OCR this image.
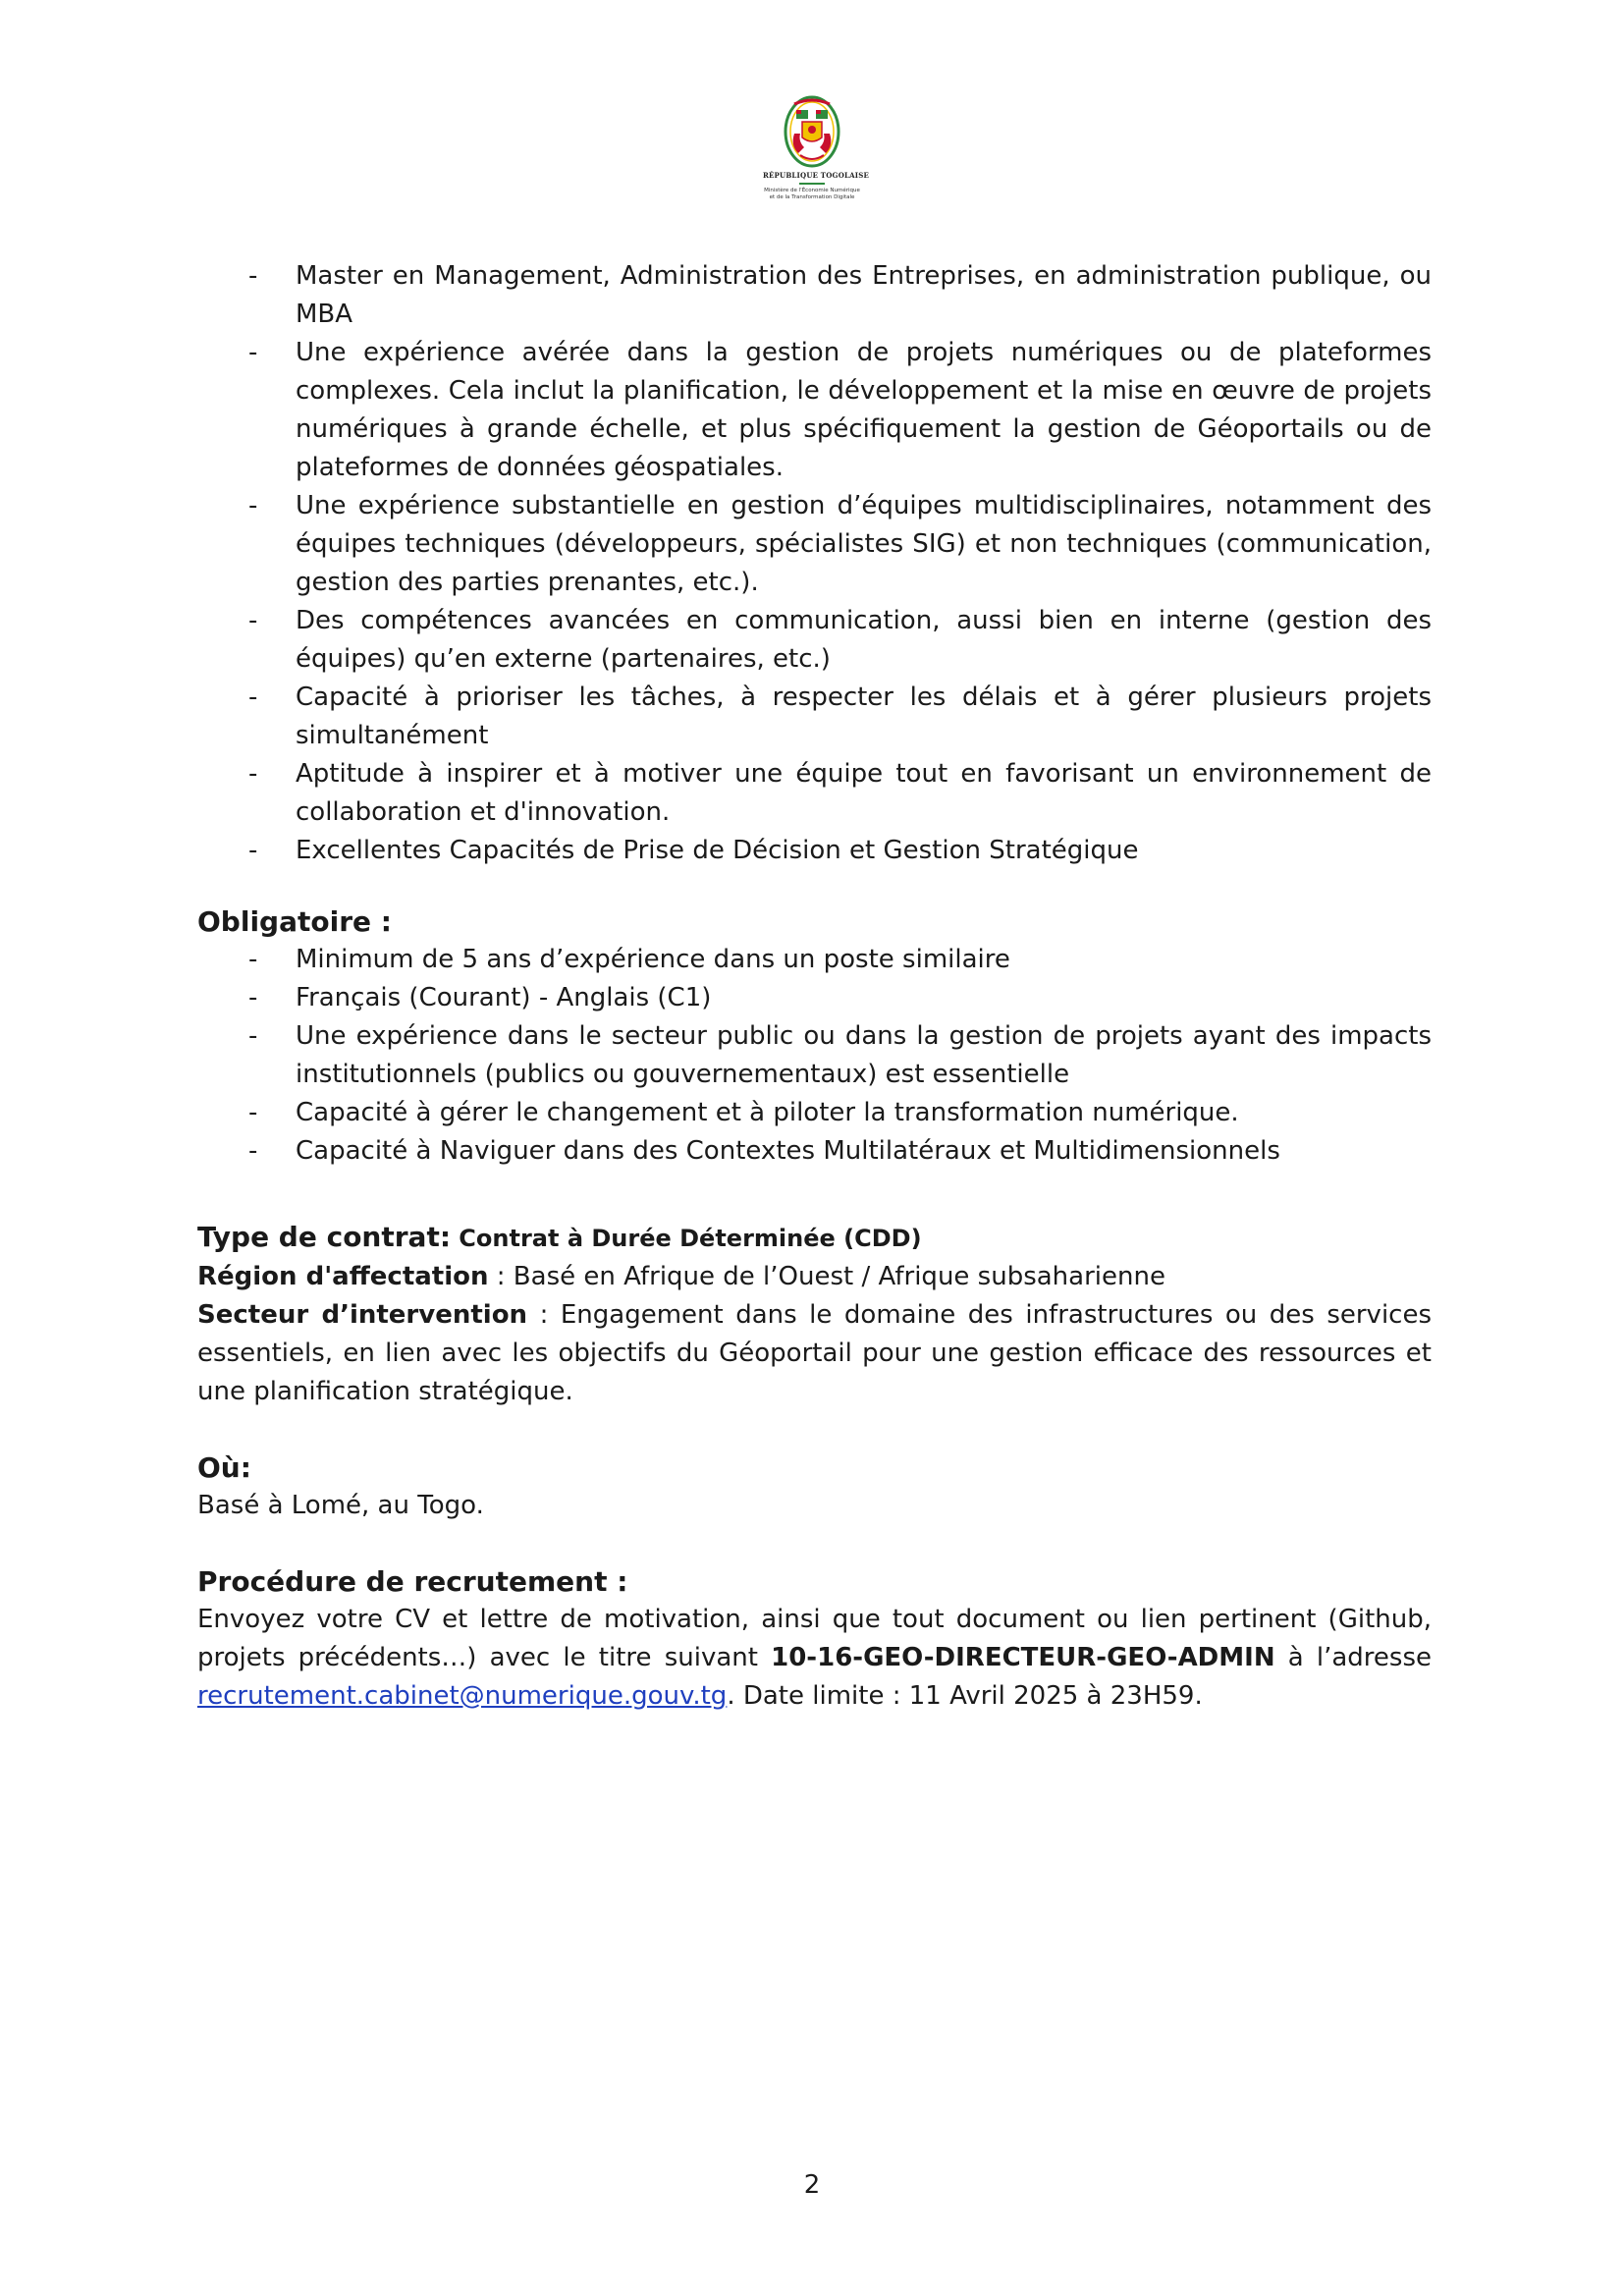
RÉPUBLIQUE TOGOLAISE
Ministère de l'Économie Numérique
et de la Transformation Digitale
- Master en Management, Administration des Entreprises, en administration publique, ou MBA
- Une expérience avérée dans la gestion de projets numériques ou de plateformes complexes. Cela inclut la planification, le développement et la mise en œuvre de projets numériques à grande échelle, et plus spécifiquement la gestion de Géoportails ou de plateformes de données géospatiales.
- Une expérience substantielle en gestion d’équipes multidisciplinaires, notamment des équipes techniques (développeurs, spécialistes SIG) et non techniques (communication, gestion des parties prenantes, etc.).
- Des compétences avancées en communication, aussi bien en interne (gestion des équipes) qu’en externe (partenaires, etc.)
- Capacité à prioriser les tâches, à respecter les délais et à gérer plusieurs projets simultanément
- Aptitude à inspirer et à motiver une équipe tout en favorisant un environnement de collaboration et d'innovation.
- Excellentes Capacités de Prise de Décision et Gestion Stratégique
Obligatoire :
- Minimum de 5 ans d’expérience dans un poste similaire
- Français (Courant) - Anglais (C1)
- Une expérience dans le secteur public ou dans la gestion de projets ayant des impacts institutionnels (publics ou gouvernementaux) est essentielle
- Capacité à gérer le changement et à piloter la transformation numérique.
- Capacité à Naviguer dans des Contextes Multilatéraux et Multidimensionnels

Type de contrat: Contrat à Durée Déterminée (CDD)

Région d'affectation : Basé en Afrique de l’Ouest / Afrique subsaharienne

Secteur d’intervention : Engagement dans le domaine des infrastructures ou des services essentiels, en lien avec les objectifs du Géoportail pour une gestion efficace des ressources et une planification stratégique.

Où:

Basé à Lomé, au Togo.

Procédure de recrutement :

Envoyez votre CV et lettre de motivation, ainsi que tout document ou lien pertinent (Github, projets précédents…) avec le titre suivant 10-16-GEO-DIRECTEUR-GEO-ADMIN à l’adresse recrutement.cabinet@numerique.gouv.tg. Date limite : 11 Avril 2025 à 23H59.

2
